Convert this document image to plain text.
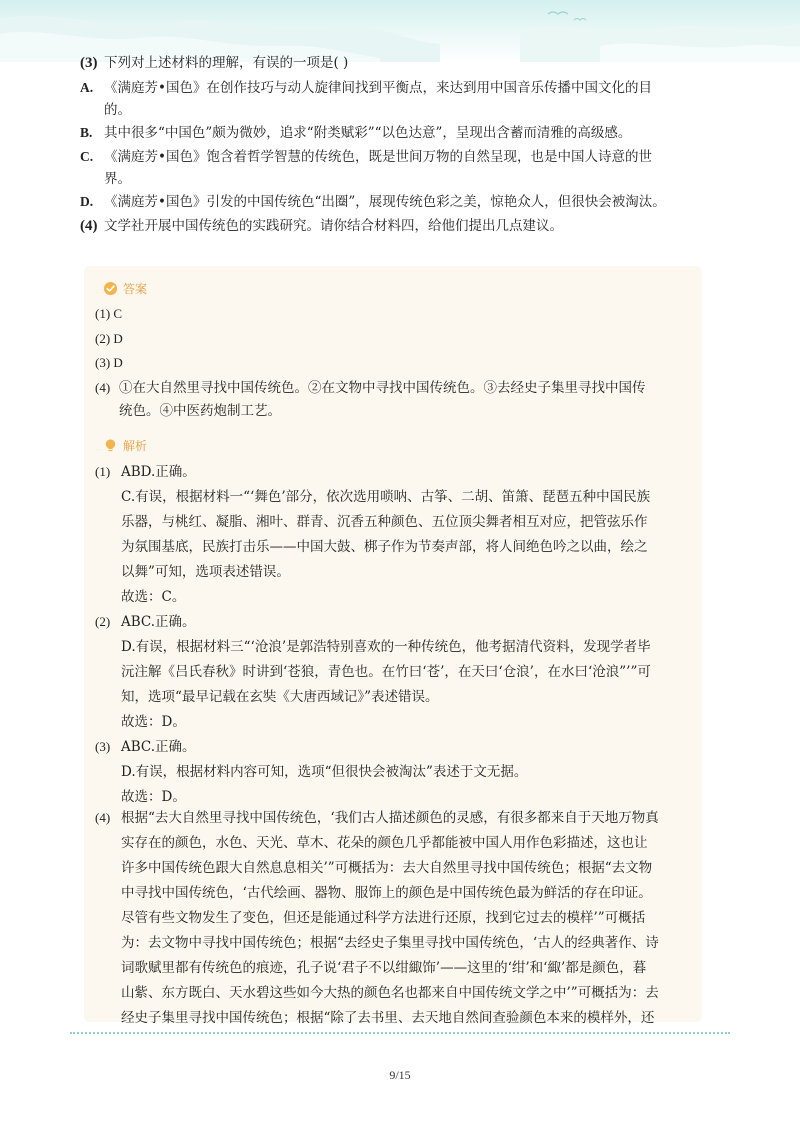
(3) 下列对上述材料的理解，有误的一项是( )
A. 《满庭芳•国色》在创作技巧与动人旋律间找到平衡点，来达到用中国音乐传播中国文化的目
的。
B. 其中很多“中国色”颇为微妙，追求“附类赋彩”“以色达意”，呈现出含蓄而清雅的高级感。
C. 《满庭芳•国色》饱含着哲学智慧的传统色，既是世间万物的自然呈现，也是中国人诗意的世
界。
D. 《满庭芳•国色》引发的中国传统色“出圈”，展现传统色彩之美，惊艳众人，但很快会被淘汰。
(4) 文学社开展中国传统色的实践研究。请你结合材料四，给他们提出几点建议。
答案
(1) C
(2) D
(3) D
(4) ①在大自然里寻找中国传统色。②在文物中寻找中国传统色。③去经史子集里寻找中国传
统色。④中医药炮制工艺。
解析
(1) ABD.正确。
C.有误，根据材料一“‘舞色’部分，依次选用唢呐、古筝、二胡、笛箫、琵琶五种中国民族
乐器，与桃红、凝脂、湘叶、群青、沉香五种颜色、五位顶尖舞者相互对应，把管弦乐作
为氛围基底，民族打击乐——中国大鼓、梆子作为节奏声部，将人间绝色吟之以曲，绘之
以舞”可知，选项表述错误。
故选：C。
(2) ABC.正确。
D.有误，根据材料三“‘沧浪’是郭浩特别喜欢的一种传统色，他考据清代资料，发现学者毕
沅注解《吕氏春秋》时讲到‘苍狼，青色也。在竹曰‘苍’，在天曰‘仓浪’，在水曰‘沧浪”’”可
知，选项“最早记载在玄奘《大唐西域记》”表述错误。
故选：D。
(3) ABC.正确。
D.有误，根据材料内容可知，选项“但很快会被淘汰”表述于文无据。
故选：D。
(4) 根据“去大自然里寻找中国传统色，‘我们古人描述颜色的灵感，有很多都来自于天地万物真
实存在的颜色，水色、天光、草木、花朵的颜色几乎都能被中国人用作色彩描述，这也让
许多中国传统色跟大自然息息相关’”可概括为：去大自然里寻找中国传统色；根据“去文物
中寻找中国传统色，‘古代绘画、器物、服饰上的颜色是中国传统色最为鲜活的存在印证。
尽管有些文物发生了变色，但还是能通过科学方法进行还原，找到它过去的模样’”可概括
为：去文物中寻找中国传统色；根据“去经史子集里寻找中国传统色，‘古人的经典著作、诗
词歌赋里都有传统色的痕迹，孔子说‘君子不以绀緅饰’——这里的‘绀’和‘緅’都是颜色，暮
山紫、东方既白、天水碧这些如今大热的颜色名也都来自中国传统文学之中’”可概括为：去
经史子集里寻找中国传统色；根据“除了去书里、去天地自然间查验颜色本来的模样外，还
9/15
